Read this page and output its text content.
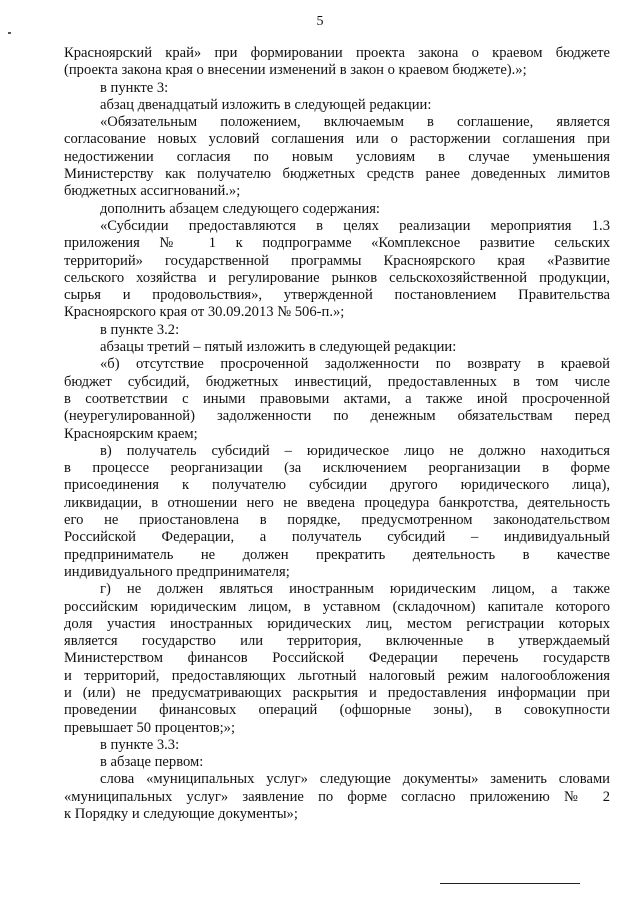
5
Красноярский край» при формировании проекта закона о краевом бюджете
(проекта закона края о внесении изменений в закон о краевом бюджете).»;
в пункте 3:
абзац двенадцатый изложить в следующей редакции:
«Обязательным положением, включаемым в соглашение, является
согласование новых условий соглашения или о расторжении соглашения при
недостижении согласия по новым условиям в случае уменьшения
Министерству как получателю бюджетных средств ранее доведенных лимитов
бюджетных ассигнований.»;
дополнить абзацем следующего содержания:
«Субсидии предоставляются в целях реализации мероприятия 1.3
приложения № 1 к подпрограмме «Комплексное развитие сельских
территорий» государственной программы Красноярского края «Развитие
сельского хозяйства и регулирование рынков сельскохозяйственной продукции,
сырья и продовольствия», утвержденной постановлением Правительства
Красноярского края от 30.09.2013 № 506-п.»;
в пункте 3.2:
абзацы третий – пятый изложить в следующей редакции:
«б) отсутствие просроченной задолженности по возврату в краевой
бюджет субсидий, бюджетных инвестиций, предоставленных в том числе
в соответствии с иными правовыми актами, а также иной просроченной
(неурегулированной) задолженности по денежным обязательствам перед
Красноярским краем;
в) получатель субсидий – юридическое лицо не должно находиться
в процессе реорганизации (за исключением реорганизации в форме
присоединения к получателю субсидии другого юридического лица),
ликвидации, в отношении него не введена процедура банкротства, деятельность
его не приостановлена в порядке, предусмотренном законодательством
Российской Федерации, а получатель субсидий – индивидуальный
предприниматель не должен прекратить деятельность в качестве
индивидуального предпринимателя;
г) не должен являться иностранным юридическим лицом, а также
российским юридическим лицом, в уставном (складочном) капитале которого
доля участия иностранных юридических лиц, местом регистрации которых
является государство или территория, включенные в утверждаемый
Министерством финансов Российской Федерации перечень государств
и территорий, предоставляющих льготный налоговый режим налогообложения
и (или) не предусматривающих раскрытия и предоставления информации при
проведении финансовых операций (офшорные зоны), в совокупности
превышает 50 процентов;»;
в пункте 3.3:
в абзаце первом:
слова «муниципальных услуг» следующие документы» заменить словами
«муниципальных услуг» заявление по форме согласно приложению № 2
к Порядку и следующие документы»;
